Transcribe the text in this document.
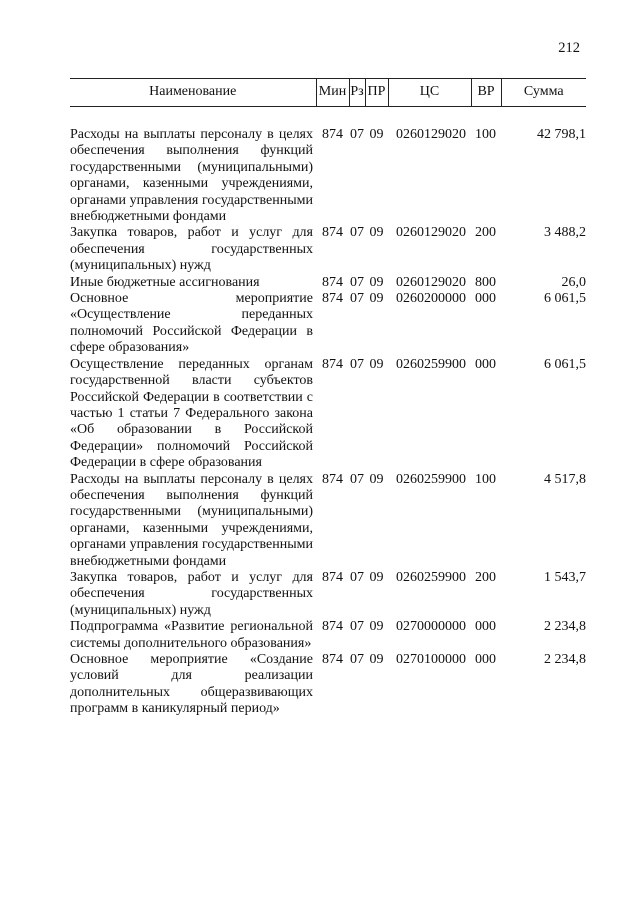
212
Наименование	Мин	Рз	ПР	ЦС	ВР	Сумма

Расходы на выплаты персоналу в целях обеспечения выполнения функций государственными (муниципальными) органами, казенными учреждениями, органами управления государственными внебюджетными фондами	874	07	09	0260129020	100	42 798,1
Закупка товаров, работ и услуг для обеспечения государственных (муниципальных) нужд	874	07	09	0260129020	200	3 488,2
Иные бюджетные ассигнования	874	07	09	0260129020	800	26,0
Основное мероприятие «Осуществление переданных полномочий Российской Федерации в сфере образования»	874	07	09	0260200000	000	6 061,5
Осуществление переданных органам государственной власти субъектов Российской Федерации в соответствии с частью 1 статьи 7 Федерального закона «Об образовании в Российской Федерации» полномочий Российской Федерации в сфере образования	874	07	09	0260259900	000	6 061,5
Расходы на выплаты персоналу в целях обеспечения выполнения функций государственными (муниципальными) органами, казенными учреждениями, органами управления государственными внебюджетными фондами	874	07	09	0260259900	100	4 517,8
Закупка товаров, работ и услуг для обеспечения государственных (муниципальных) нужд	874	07	09	0260259900	200	1 543,7
Подпрограмма «Развитие региональной системы дополнительного образования»	874	07	09	0270000000	000	2 234,8
Основное мероприятие «Создание условий для реализации дополнительных общеразвивающих программ в каникулярный период»	874	07	09	0270100000	000	2 234,8
